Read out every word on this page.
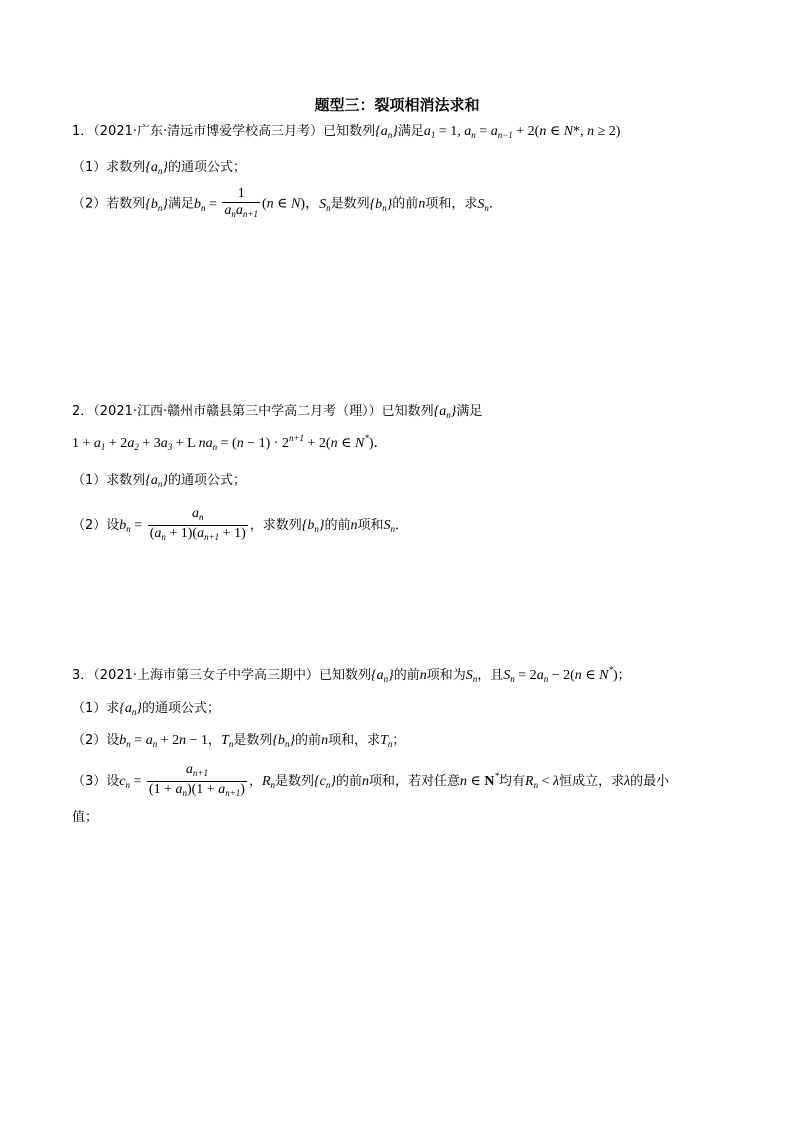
题型三：裂项相消法求和
1．（2021·广东·清远市博爱学校高三月考）已知数列$\{a_n\}$满足$a_1 = 1$, $a_n = a_{n-1} + 2(n$ ∈ N*, n ≥ 2)
（1）求数列$\{a_n\}$的通项公式；
（2）若数列$\{b_n\}$满足$b_n = \frac{1}{a_na_{n+1}} (n$ ∈ N)，$S_n$是数列$\{b_n\}$的前n项和，求$S_n$．
2．（2021·江西·赣州市赣县第三中学高二月考（理））已知数列$\{a_n\}$满足
$1 + a_1 + 2a_2 + 3a_3 + L$ $na_n = (n - 1) \cdot 2^{n+1} + 2(n$ ∈ N*)．
（1）求数列$\{a_n\}$的通项公式；
（2）设$b_n = \frac{a_n}{(a_n + 1)(a_{n+1} + 1)}$ ，求数列$\{b_n\}$的前n项和$S_n$．
3．（2021·上海市第三女子中学高三期中）已知数列$\{a_n\}$的前n项和为$S_n$，且$S_n = 2a_n - 2(n$ ∈ N*)；
（1）求$\{a_n\}$的通项公式；
（2）设$b_n = a_n + 2n - 1$，$T_n$是数列$\{b_n\}$的前n项和，求$T_n$；
（3）设$c_n = \frac{a_{n+1}}{(1 + a_n)(1 + a_{n+1})}$ ，$R_n$是数列$\{c_n\}$的前n项和，若对任意n ∈ N*均有$R_n < \lambda$恒成立，求λ的最小
值；
